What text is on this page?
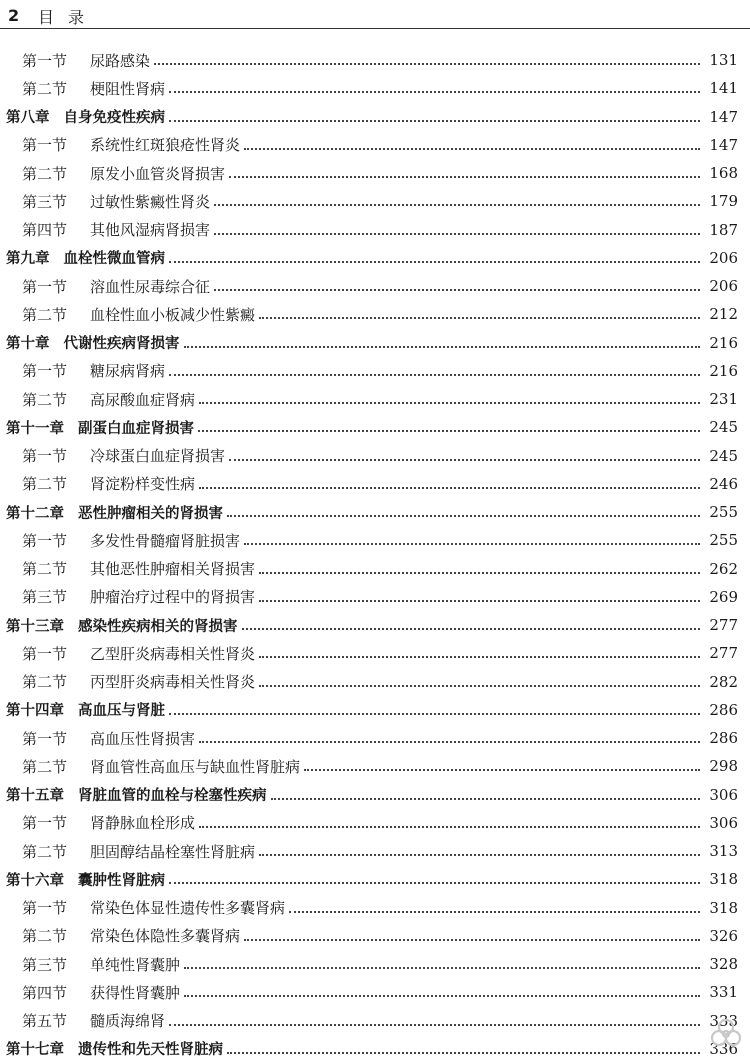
2 目录
第一节	尿路感染	131
第二节	梗阻性肾病	141
第八章 自身免疫性疾病	147
第一节	系统性红斑狼疮性肾炎	147
第二节	原发小血管炎肾损害	168
第三节	过敏性紫癜性肾炎	179
第四节	其他风湿病肾损害	187
第九章 血栓性微血管病	206
第一节	溶血性尿毒综合征	206
第二节	血栓性血小板减少性紫癜	212
第十章 代谢性疾病肾损害	216
第一节	糖尿病肾病	216
第二节	高尿酸血症肾病	231
第十一章 副蛋白血症肾损害	245
第一节	冷球蛋白血症肾损害	245
第二节	肾淀粉样变性病	246
第十二章 恶性肿瘤相关的肾损害	255
第一节	多发性骨髓瘤肾脏损害	255
第二节	其他恶性肿瘤相关肾损害	262
第三节	肿瘤治疗过程中的肾损害	269
第十三章 感染性疾病相关的肾损害	277
第一节	乙型肝炎病毒相关性肾炎	277
第二节	丙型肝炎病毒相关性肾炎	282
第十四章 高血压与肾脏	286
第一节	高血压性肾损害	286
第二节	肾血管性高血压与缺血性肾脏病	298
第十五章 肾脏血管的血栓与栓塞性疾病	306
第一节	肾静脉血栓形成	306
第二节	胆固醇结晶栓塞性肾脏病	313
第十六章 囊肿性肾脏病	318
第一节	常染色体显性遗传性多囊肾病	318
第二节	常染色体隐性多囊肾病	326
第三节	单纯性肾囊肿	328
第四节	获得性肾囊肿	331
第五节	髓质海绵肾	333
第十七章 遗传性和先天性肾脏病	336
